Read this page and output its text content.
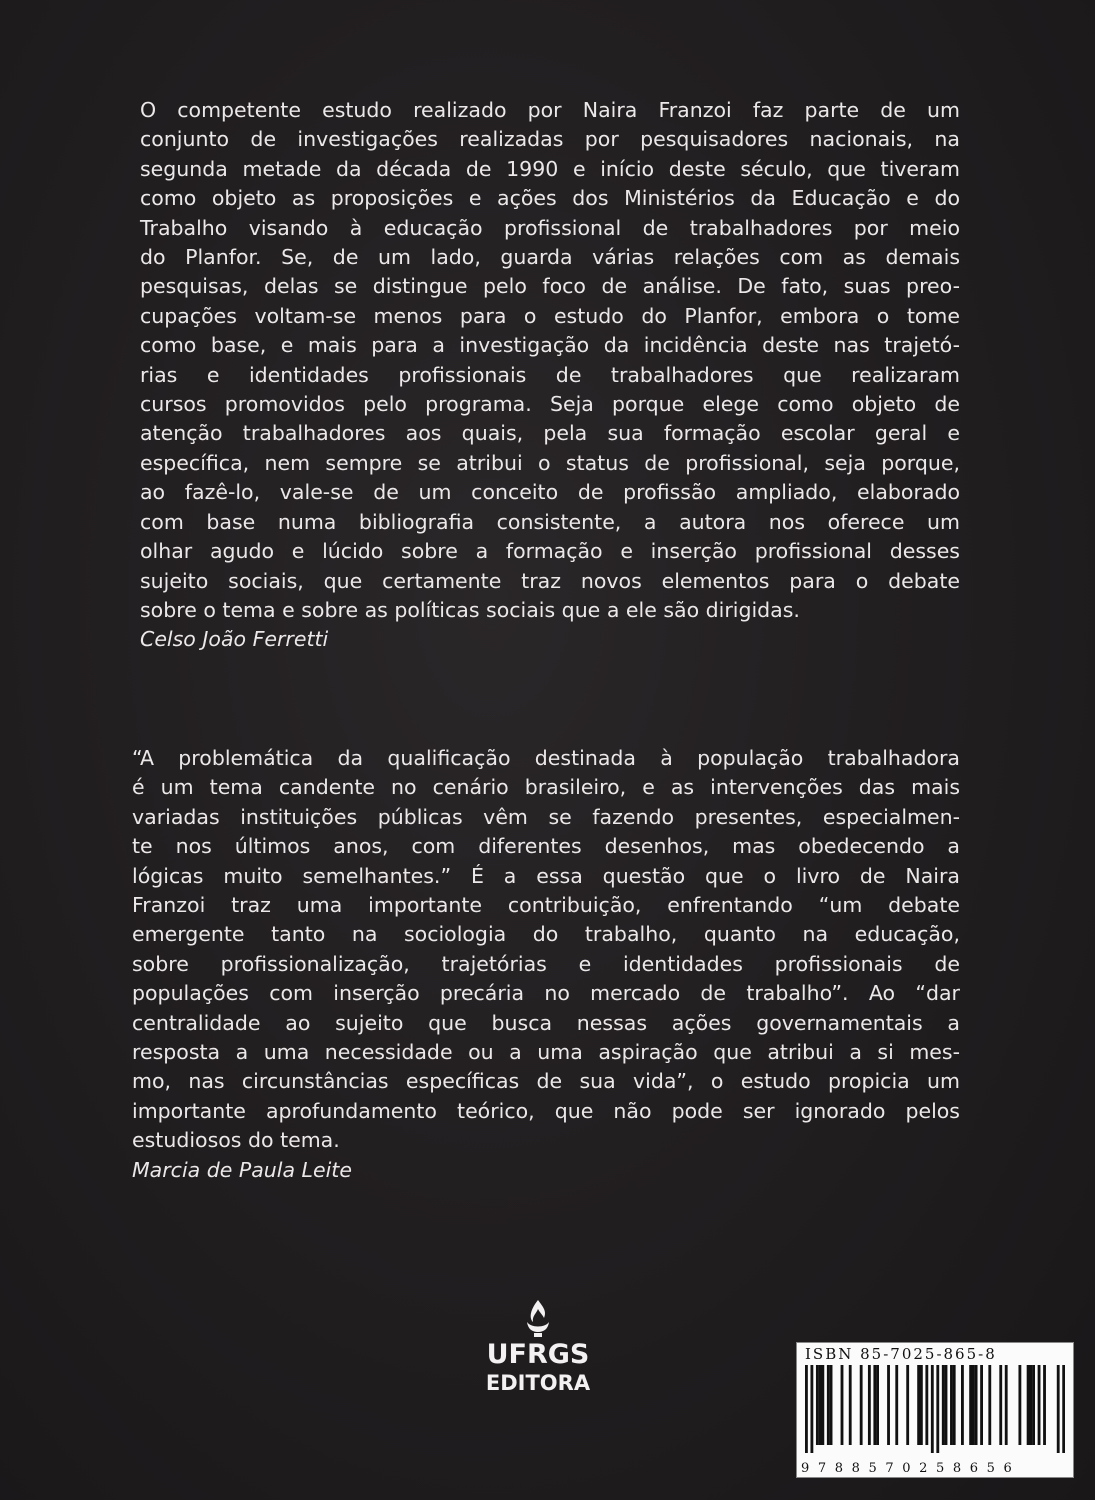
O competente estudo realizado por Naira Franzoi faz parte de um
conjunto de investigações realizadas por pesquisadores nacionais, na
segunda metade da década de 1990 e início deste século, que tiveram
como objeto as proposições e ações dos Ministérios da Educação e do
Trabalho visando à educação profissional de trabalhadores por meio
do Planfor. Se, de um lado, guarda várias relações com as demais
pesquisas, delas se distingue pelo foco de análise. De fato, suas preo-
cupações voltam-se menos para o estudo do Planfor, embora o tome
como base, e mais para a investigação da incidência deste nas trajetó-
rias e identidades profissionais de trabalhadores que realizaram
cursos promovidos pelo programa. Seja porque elege como objeto de
atenção trabalhadores aos quais, pela sua formação escolar geral e
específica, nem sempre se atribui o status de profissional, seja porque,
ao fazê-lo, vale-se de um conceito de profissão ampliado, elaborado
com base numa bibliografia consistente, a autora nos oferece um
olhar agudo e lúcido sobre a formação e inserção profissional desses
sujeito sociais, que certamente traz novos elementos para o debate
sobre o tema e sobre as políticas sociais que a ele são dirigidas.
Celso João Ferretti
“A problemática da qualificação destinada à população trabalhadora
é um tema candente no cenário brasileiro, e as intervenções das mais
variadas instituições públicas vêm se fazendo presentes, especialmen-
te nos últimos anos, com diferentes desenhos, mas obedecendo a
lógicas muito semelhantes.” É a essa questão que o livro de Naira
Franzoi traz uma importante contribuição, enfrentando “um debate
emergente tanto na sociologia do trabalho, quanto na educação,
sobre profissionalização, trajetórias e identidades profissionais de
populações com inserção precária no mercado de trabalho”. Ao “dar
centralidade ao sujeito que busca nessas ações governamentais a
resposta a uma necessidade ou a uma aspiração que atribui a si mes-
mo, nas circunstâncias específicas de sua vida”, o estudo propicia um
importante aprofundamento teórico, que não pode ser ignorado pelos
estudiosos do tema.
Marcia de Paula Leite
UFRGS
EDITORA
ISBN 85-7025-865-8
9788570258656
